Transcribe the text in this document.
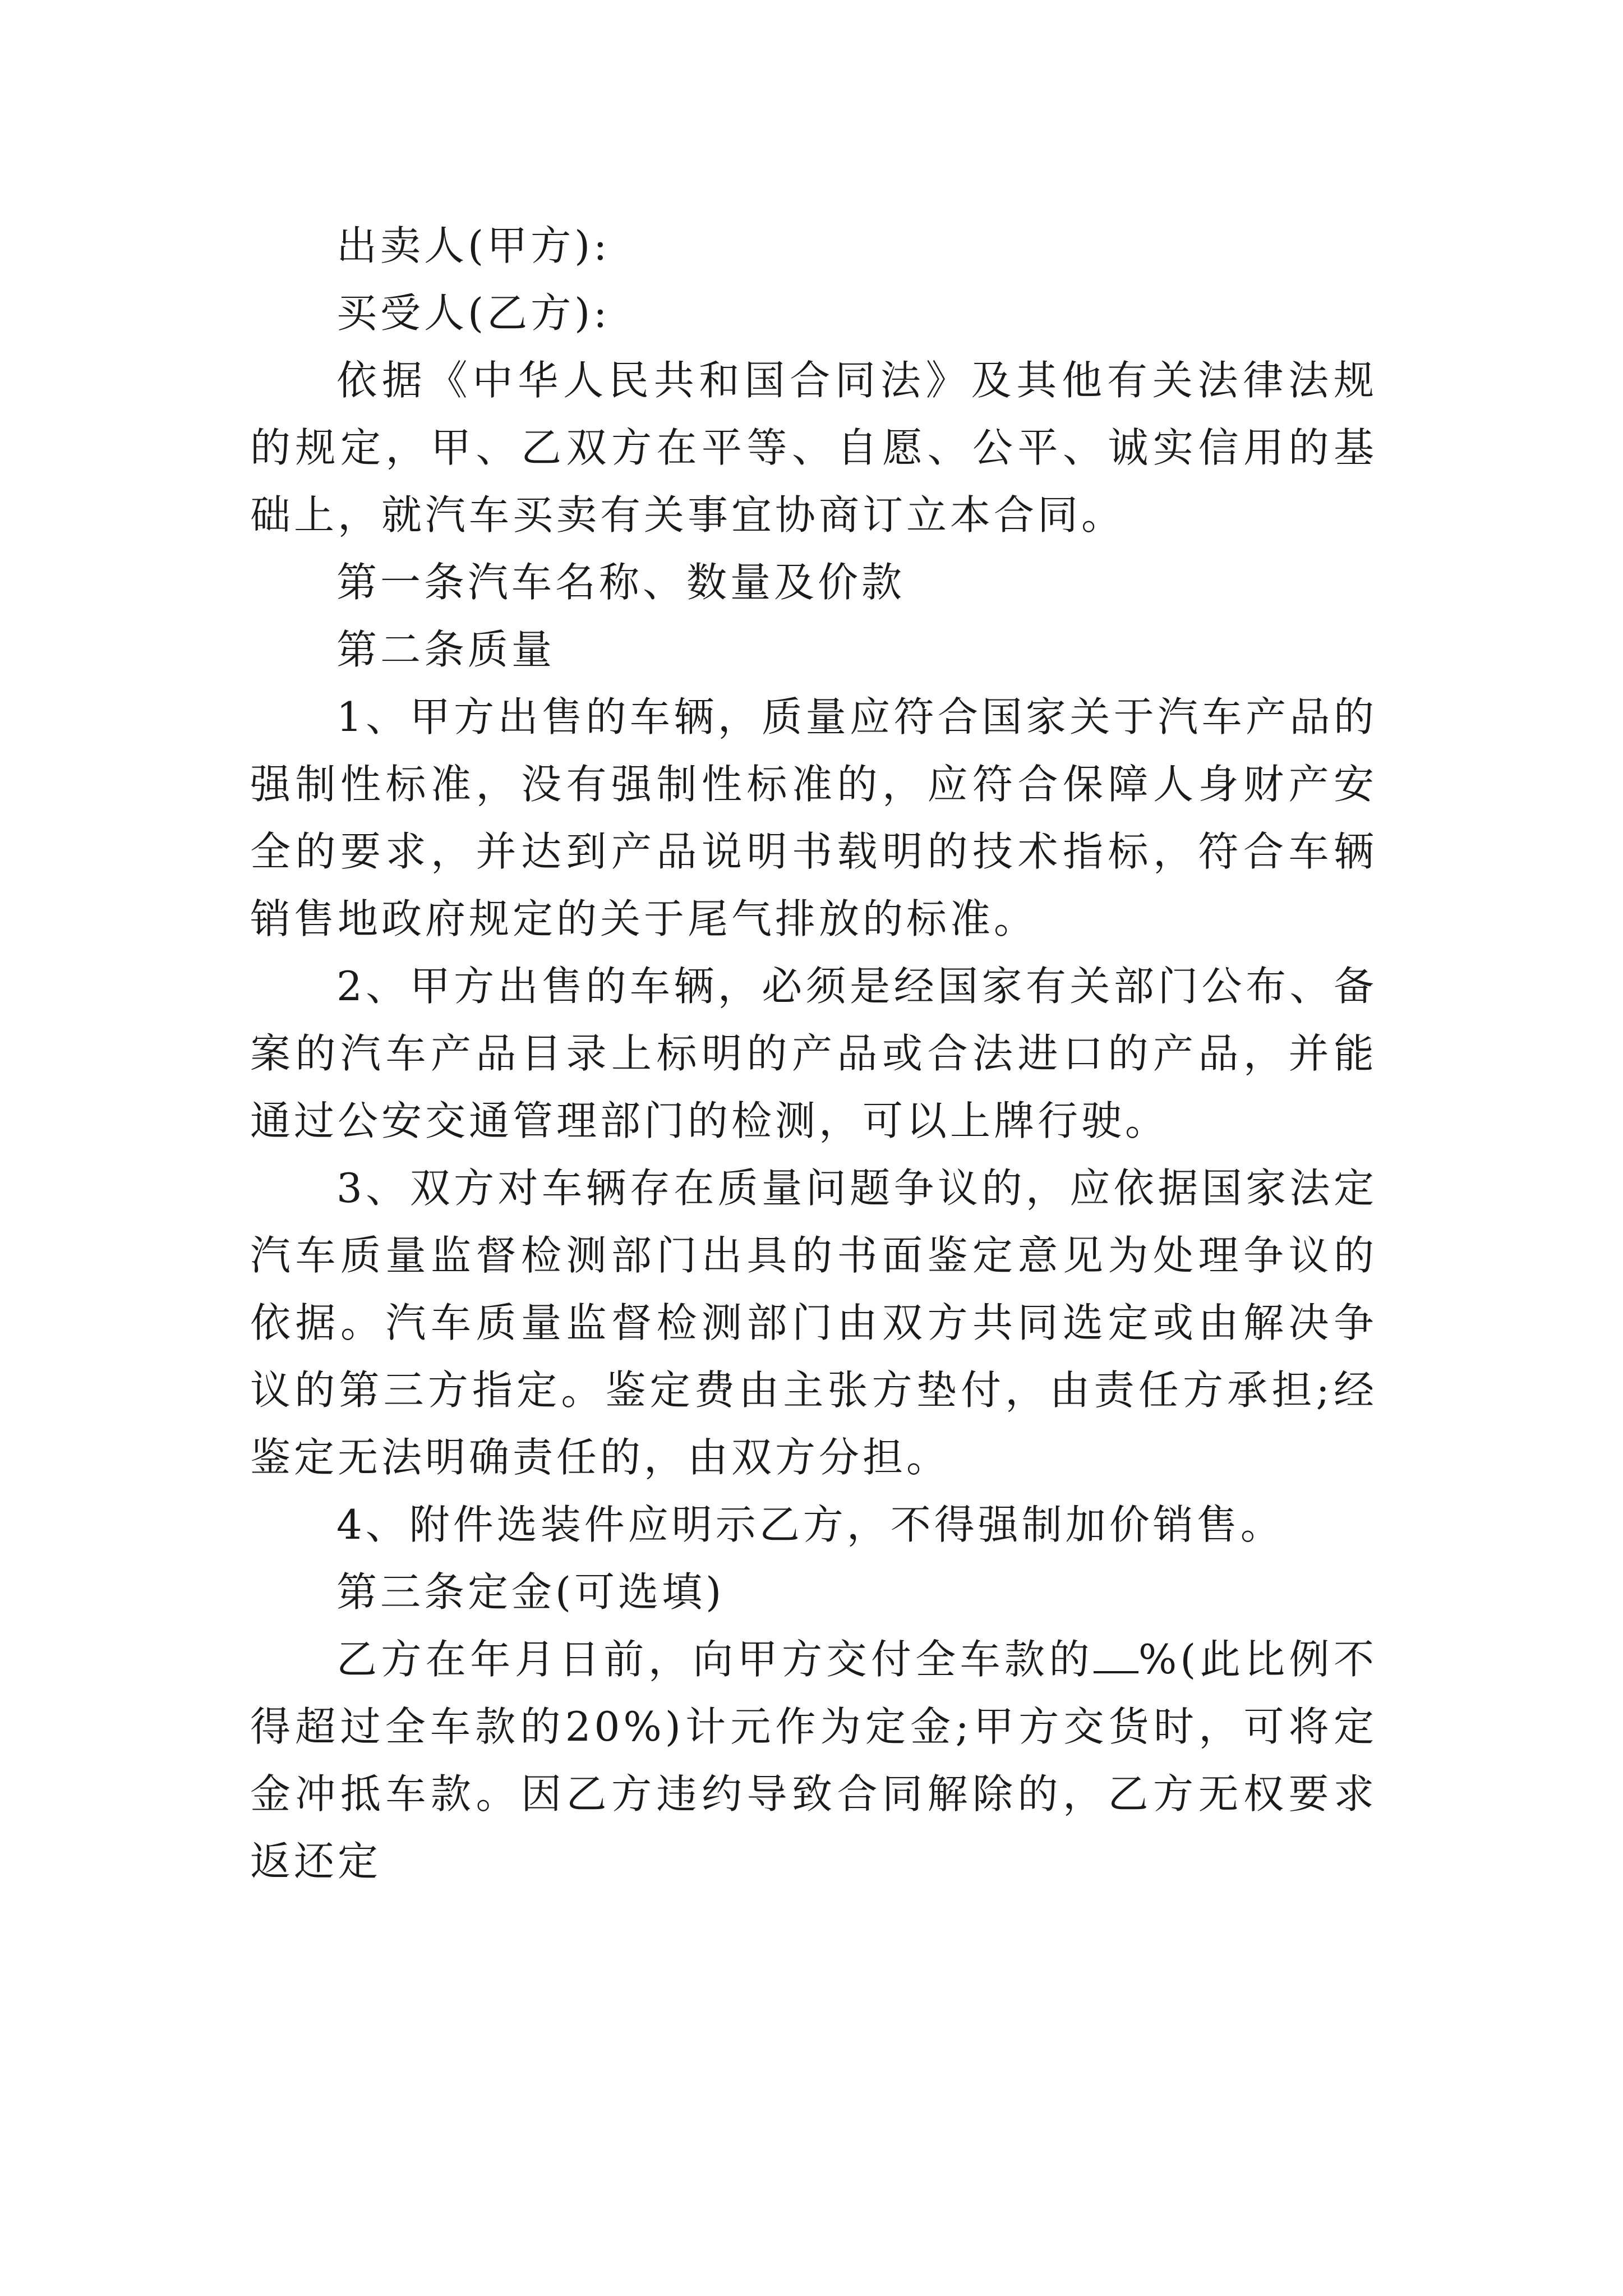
出卖人(甲方):

买受人(乙方):

依据《中华人民共和国合同法》及其他有关法律法规的规定，甲、乙双方在平等、自愿、公平、诚实信用的基础上，就汽车买卖有关事宜协商订立本合同。

第一条汽车名称、数量及价款

第二条质量

1、甲方出售的车辆，质量应符合国家关于汽车产品的强制性标准，没有强制性标准的，应符合保障人身财产安全的要求，并达到产品说明书载明的技术指标，符合车辆销售地政府规定的关于尾气排放的标准。

2、甲方出售的车辆，必须是经国家有关部门公布、备案的汽车产品目录上标明的产品或合法进口的产品，并能通过公安交通管理部门的检测，可以上牌行驶。

3、双方对车辆存在质量问题争议的，应依据国家法定汽车质量监督检测部门出具的书面鉴定意见为处理争议的依据。汽车质量监督检测部门由双方共同选定或由解决争议的第三方指定。鉴定费由主张方垫付，由责任方承担;经鉴定无法明确责任的，由双方分担。

4、附件选装件应明示乙方，不得强制加价销售。

第三条定金(可选填)

乙方在年月日前，向甲方交付全车款的 %(此比例不得超过全车款的20%)计元作为定金;甲方交货时，可将定金冲抵车款。因乙方违约导致合同解除的，乙方无权要求返还定
